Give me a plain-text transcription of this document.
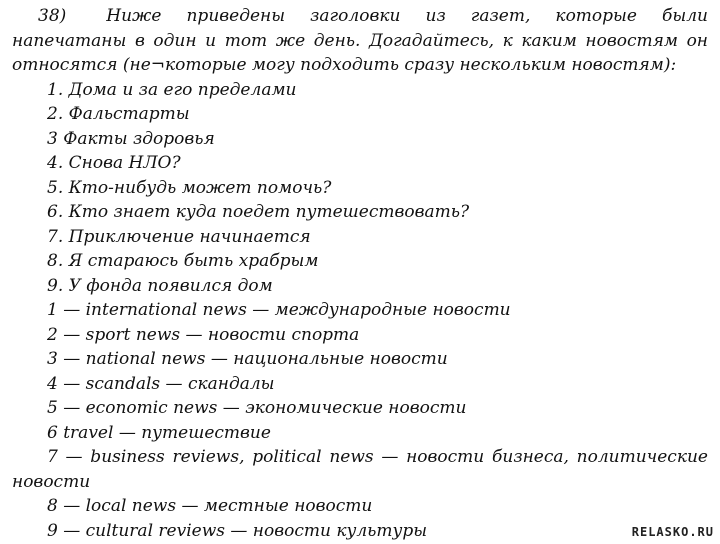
38) Ниже приведены заголовки из газет, которые были напечатаны в один и тот же день. Догадайтесь, к каким новостям он относятся (не¬которые могу подходить сразу нескольким новостям):

1. Дома и за его пределами
2. Фальстарты
3 Факты здоровья
4. Снова НЛО?
5. Кто-нибудь может помочь?
6. Кто знает куда поедет путешествовать?
7. Приключение начинается
8. Я стараюсь быть храбрым
9. У фонда появился дом
1 — international news — международные новости
2 — sport news — новости спорта
3 — national news — национальные новости
4 — scandals — скандалы
5 — economic news — экономические новости
6 travel — путешествие
7 — business reviews, political news — новости бизнеса, политические новости
8 — local news — местные новости
9 — cultural reviews — новости культуры	RELASKO.RU
